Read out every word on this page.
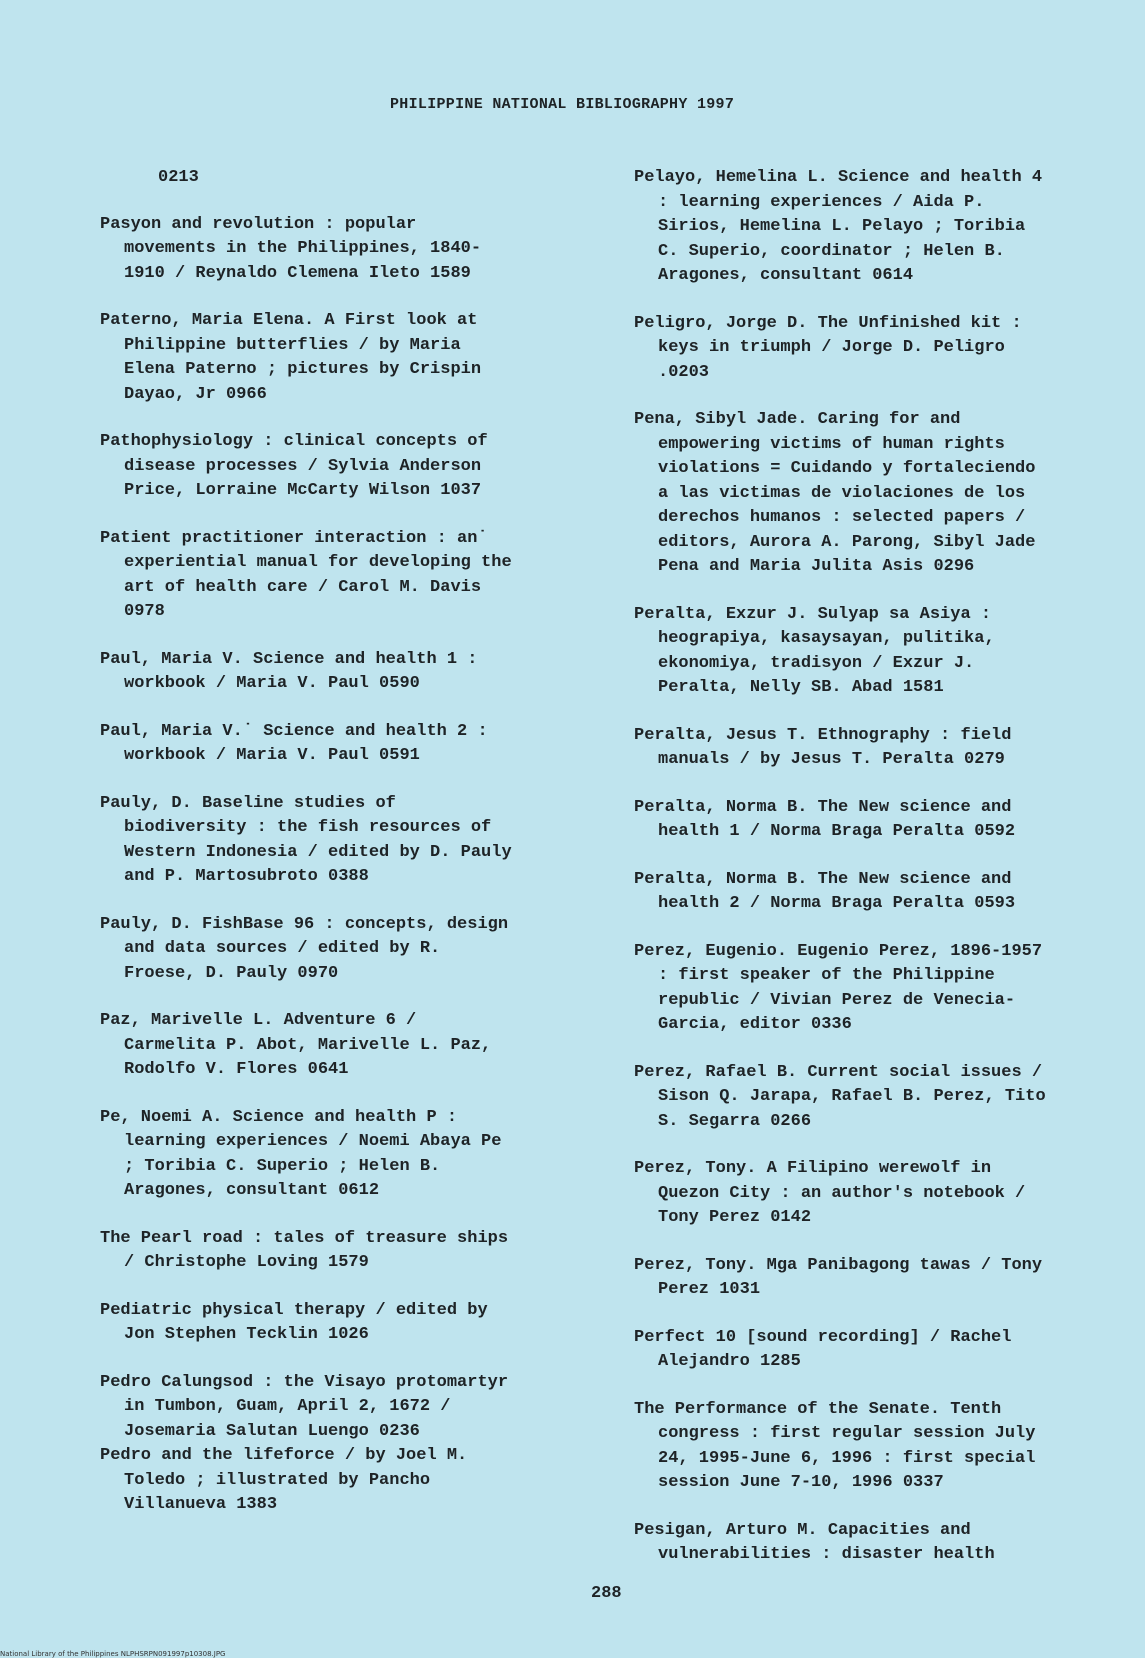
PHILIPPINE NATIONAL BIBLIOGRAPHY 1997
0213
Pasyon and revolution : popular
movements in the Philippines, 1840-
1910 / Reynaldo Clemena Ileto 1589
Paterno, Maria Elena. A First look at
Philippine butterflies / by Maria
Elena Paterno ; pictures by Crispin
Dayao, Jr 0966
Pathophysiology : clinical concepts of
disease processes / Sylvia Anderson
Price, Lorraine McCarty Wilson 1037
Patient practitioner interaction : an˙
experiential manual for developing the
art of health care / Carol M. Davis
0978
Paul, Maria V. Science and health 1 :
workbook / Maria V. Paul 0590
Paul, Maria V.˙ Science and health 2 :
workbook / Maria V. Paul 0591
Pauly, D. Baseline studies of
biodiversity : the fish resources of
Western Indonesia / edited by D. Pauly
and P. Martosubroto 0388
Pauly, D. FishBase 96 : concepts, design
and data sources / edited by R.
Froese, D. Pauly 0970
Paz, Marivelle L. Adventure 6 /
Carmelita P. Abot, Marivelle L. Paz,
Rodolfo V. Flores 0641
Pe, Noemi A. Science and health P :
learning experiences / Noemi Abaya Pe
; Toribia C. Superio ; Helen B.
Aragones, consultant 0612
The Pearl road : tales of treasure ships
/ Christophe Loving 1579
Pediatric physical therapy / edited by
Jon Stephen Tecklin 1026
Pedro Calungsod : the Visayo protomartyr
in Tumbon, Guam, April 2, 1672 /
Josemaria Salutan Luengo 0236
Pedro and the lifeforce / by Joel M.
Toledo ; illustrated by Pancho
Villanueva 1383
Pelayo, Hemelina L. Science and health 4
: learning experiences / Aida P.
Sirios, Hemelina L. Pelayo ; Toribia
C. Superio, coordinator ; Helen B.
Aragones, consultant 0614
Peligro, Jorge D. The Unfinished kit :
keys in triumph / Jorge D. Peligro
.0203
Pena, Sibyl Jade. Caring for and
empowering victims of human rights
violations = Cuidando y fortaleciendo
a las victimas de violaciones de los
derechos humanos : selected papers /
editors, Aurora A. Parong, Sibyl Jade
Pena and Maria Julita Asis 0296
Peralta, Exzur J. Sulyap sa Asiya :
heograpiya, kasaysayan, pulitika,
ekonomiya, tradisyon / Exzur J.
Peralta, Nelly SB. Abad 1581
Peralta, Jesus T. Ethnography : field
manuals / by Jesus T. Peralta 0279
Peralta, Norma B. The New science and
health 1 / Norma Braga Peralta 0592
Peralta, Norma B. The New science and
health 2 / Norma Braga Peralta 0593
Perez, Eugenio. Eugenio Perez, 1896-1957
: first speaker of the Philippine
republic / Vivian Perez de Venecia-
Garcia, editor 0336
Perez, Rafael B. Current social issues /
Sison Q. Jarapa, Rafael B. Perez, Tito
S. Segarra 0266
Perez, Tony. A Filipino werewolf in
Quezon City : an author's notebook /
Tony Perez 0142
Perez, Tony. Mga Panibagong tawas / Tony
Perez 1031
Perfect 10 [sound recording] / Rachel
Alejandro 1285
The Performance of the Senate. Tenth
congress : first regular session July
24, 1995-June 6, 1996 : first special
session June 7-10, 1996 0337
Pesigan, Arturo M. Capacities and
vulnerabilities : disaster health
288
National Library of the Philippines NLPHSRPN091997p10308.JPG
